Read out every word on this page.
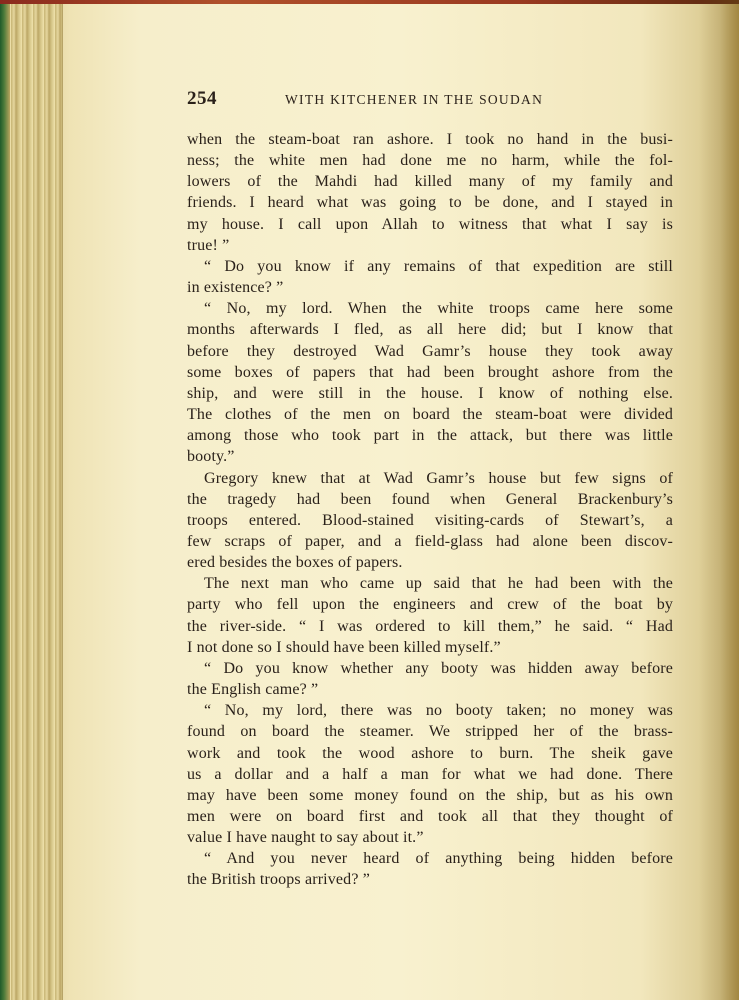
254	WITH KITCHENER IN THE SOUDAN
when the steam-boat ran ashore. I took no hand in the busi-
ness; the white men had done me no harm, while the fol-
lowers of the Mahdi had killed many of my family and
friends. I heard what was going to be done, and I stayed in
my house. I call upon Allah to witness that what I say is
true! ”
“ Do you know if any remains of that expedition are still
in existence? ”
“ No, my lord. When the white troops came here some
months afterwards I fled, as all here did; but I know that
before they destroyed Wad Gamr’s house they took away
some boxes of papers that had been brought ashore from the
ship, and were still in the house. I know of nothing else.
The clothes of the men on board the steam-boat were divided
among those who took part in the attack, but there was little
booty.”
Gregory knew that at Wad Gamr’s house but few signs of
the tragedy had been found when General Brackenbury’s
troops entered. Blood-stained visiting-cards of Stewart’s, a
few scraps of paper, and a field-glass had alone been discov-
ered besides the boxes of papers.
The next man who came up said that he had been with the
party who fell upon the engineers and crew of the boat by
the river-side. “ I was ordered to kill them,” he said. “ Had
I not done so I should have been killed myself.”
“ Do you know whether any booty was hidden away before
the English came? ”
“ No, my lord, there was no booty taken; no money was
found on board the steamer. We stripped her of the brass-
work and took the wood ashore to burn. The sheik gave
us a dollar and a half a man for what we had done. There
may have been some money found on the ship, but as his own
men were on board first and took all that they thought of
value I have naught to say about it.”
“ And you never heard of anything being hidden before
the British troops arrived? ”
